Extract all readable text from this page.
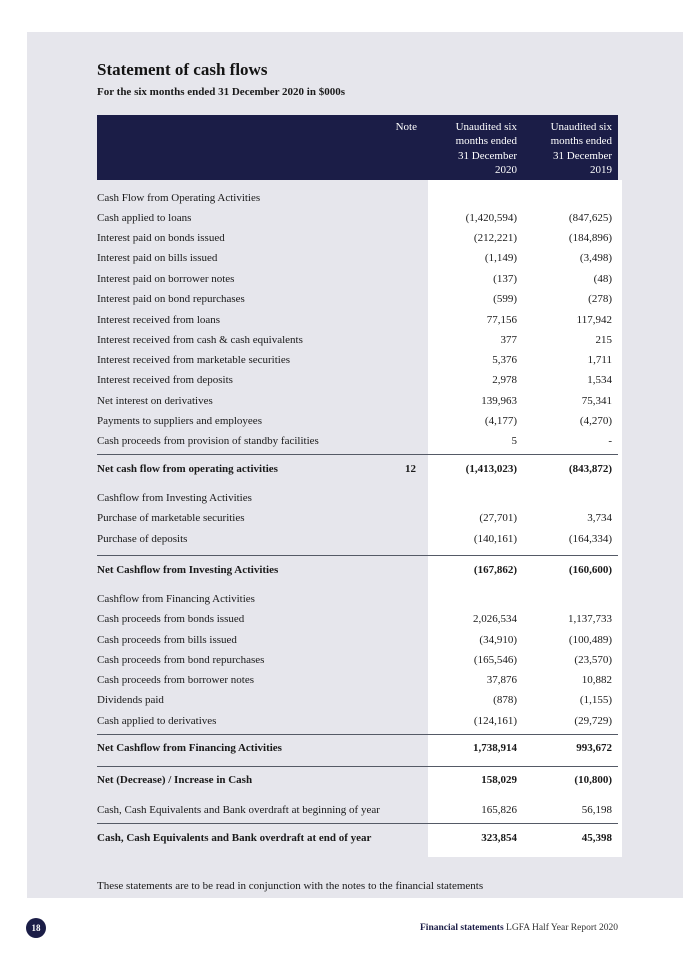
Statement of cash flows
For the six months ended 31 December 2020 in $000s
Note	Unaudited six
months ended
31 December
2020
Unaudited six
months ended
31 December
2019
Cash Flow from Operating Activities
Cash applied to loans	(1,420,594)	(847,625)
Interest paid on bonds issued	(212,221)	(184,896)
Interest paid on bills issued	(1,149)	(3,498)
Interest paid on borrower notes	(137)	(48)
Interest paid on bond repurchases	(599)	(278)
Interest received from loans	77,156	117,942
Interest received from cash & cash equivalents	377	215
Interest received from marketable securities	5,376	1,711
Interest received from deposits	2,978	1,534
Net interest on derivatives	139,963	75,341
Payments to suppliers and employees	(4,177)	(4,270)
Cash proceeds from provision of standby facilities	5	-
Net cash flow from operating activities	12	(1,413,023)	(843,872)
Cashflow from Investing Activities
Purchase of marketable securities	(27,701)	3,734
Purchase of deposits	(140,161)	(164,334)
Net Cashflow from Investing Activities	(167,862)	(160,600)
Cashflow from Financing Activities
Cash proceeds from bonds issued	2,026,534	1,137,733
Cash proceeds from bills issued	(34,910)	(100,489)
Cash proceeds from bond repurchases	(165,546)	(23,570)
Cash proceeds from borrower notes	37,876	10,882
Dividends paid	(878)	(1,155)
Cash applied to derivatives	(124,161)	(29,729)
Net Cashflow from Financing Activities	1,738,914	993,672
Net (Decrease) / Increase in Cash	158,029	(10,800)
Cash, Cash Equivalents and Bank overdraft at beginning of year	165,826	56,198
Cash, Cash Equivalents and Bank overdraft at end of year	323,854	45,398
These statements are to be read in conjunction with the notes to the financial statements
18	Financial statements LGFA Half Year Report 2020
